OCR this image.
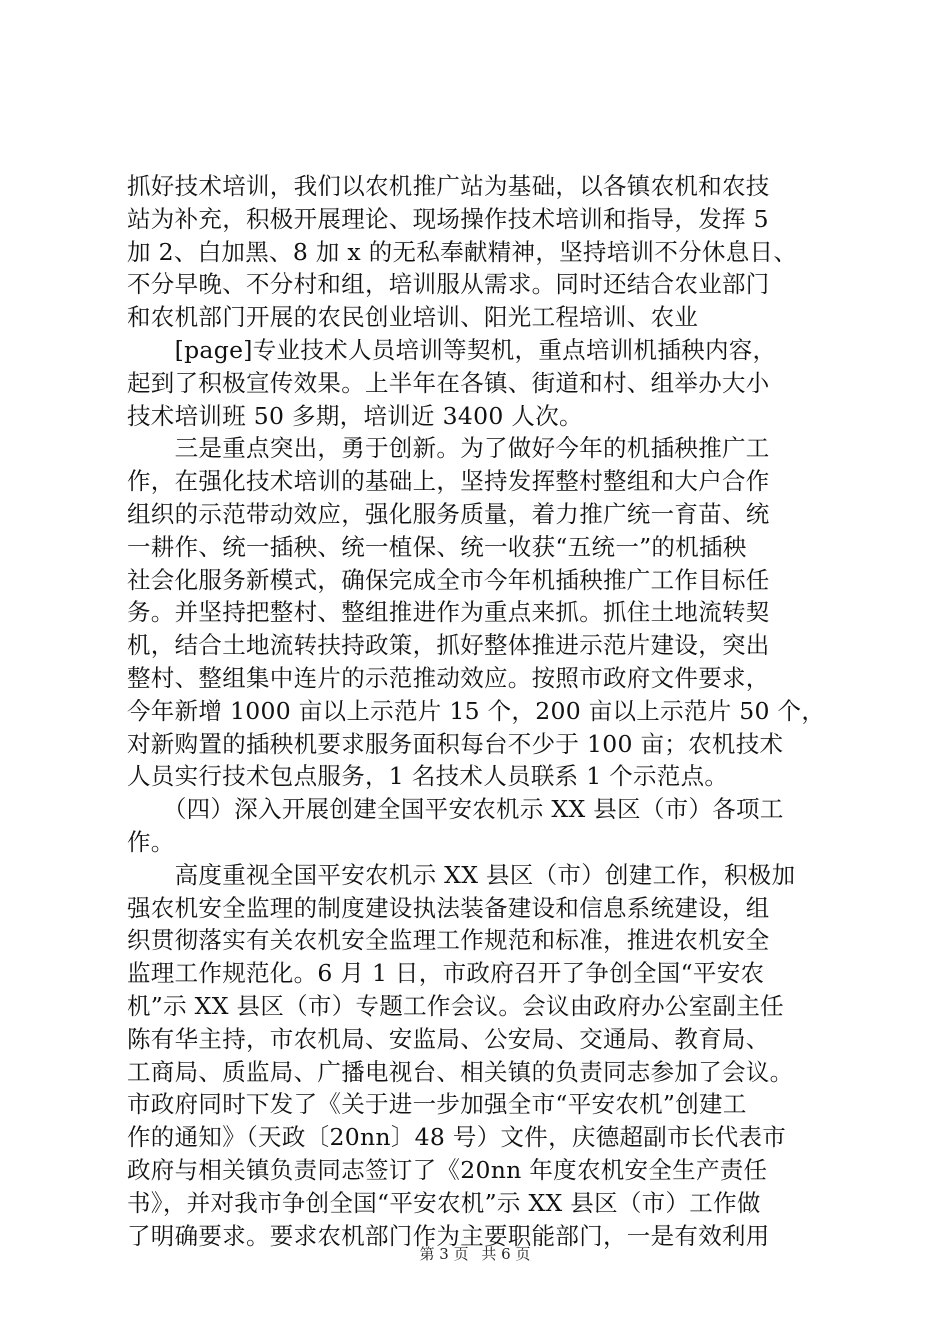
抓好技术培训，我们以农机推广站为基础，以各镇农机和农技
站为补充，积极开展理论、现场操作技术培训和指导，发挥 5
加 2、白加黑、8 加 x 的无私奉献精神，坚持培训不分休息日、
不分早晚、不分村和组，培训服从需求。同时还结合农业部门
和农机部门开展的农民创业培训、阳光工程培训、农业
　　[page]专业技术人员培训等契机，重点培训机插秧内容，
起到了积极宣传效果。上半年在各镇、街道和村、组举办大小
技术培训班 50 多期，培训近 3400 人次。
　　三是重点突出，勇于创新。为了做好今年的机插秧推广工
作，在强化技术培训的基础上，坚持发挥整村整组和大户合作
组织的示范带动效应，强化服务质量，着力推广统一育苗、统
一耕作、统一插秧、统一植保、统一收获“五统一”的机插秧
社会化服务新模式，确保完成全市今年机插秧推广工作目标任
务。并坚持把整村、整组推进作为重点来抓。抓住土地流转契
机，结合土地流转扶持政策，抓好整体推进示范片建设，突出
整村、整组集中连片的示范推动效应。按照市政府文件要求，
今年新增 1000 亩以上示范片 15 个，200 亩以上示范片 50 个，
对新购置的插秧机要求服务面积每台不少于 100 亩；农机技术
人员实行技术包点服务，1 名技术人员联系 1 个示范点。
　　（四）深入开展创建全国平安农机示 XX 县区（市）各项工
作。
　　高度重视全国平安农机示 XX 县区（市）创建工作，积极加
强农机安全监理的制度建设执法装备建设和信息系统建设，组
织贯彻落实有关农机安全监理工作规范和标准，推进农机安全
监理工作规范化。6 月 1 日，市政府召开了争创全国“平安农
机”示 XX 县区（市）专题工作会议。会议由政府办公室副主任
陈有华主持，市农机局、安监局、公安局、交通局、教育局、
工商局、质监局、广播电视台、相关镇的负责同志参加了会议。
市政府同时下发了《关于进一步加强全市“平安农机”创建工
作的通知》（天政〔20nn〕48 号）文件，庆德超副市长代表市
政府与相关镇负责同志签订了《20nn 年度农机安全生产责任
书》，并对我市争创全国“平安农机”示 XX 县区（市）工作做
了明确要求。要求农机部门作为主要职能部门，一是有效利用
第 3 页 共 6 页
